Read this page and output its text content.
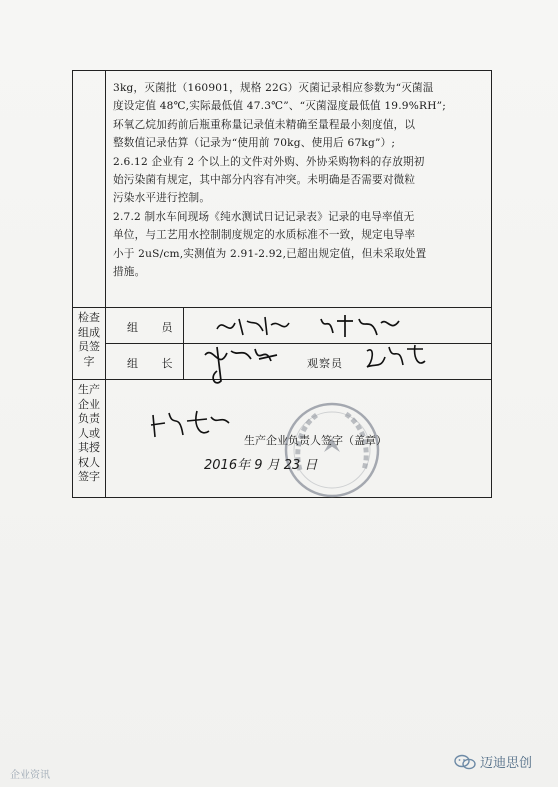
3kg，灭菌批（160901，规格 22G）灭菌记录相应参数为“灭菌温

度设定值 48℃,实际最低值 47.3℃”、“灭菌湿度最低值 19.9%RH”;

环氧乙烷加药前后瓶重称量记录值未精确至量程最小刻度值，以

整数值记录估算（记录为“使用前 70kg、使用后 67kg”）;

2.6.12 企业有 2 个以上的文件对外购、外协采购物料的存放期初

始污染菌有规定，其中部分内容有冲突。未明确是否需要对微粒

污染水平进行控制。

2.7.2 制水车间现场《纯水测试日记记录表》记录的电导率值无

单位，与工艺用水控制制度规定的水质标准不一致，规定电导率

小于 2uS/cm,实测值为 2.91-2.92,已超出规定值，但未采取处置

措施。

检查
组成
员签
字
组 员
组 长	观察员
生产
企业
负责
人或
其授
权人
签字
生产企业负责人签字（盖章）
2016年 9 月 23 日
企业资讯
迈迪思创
